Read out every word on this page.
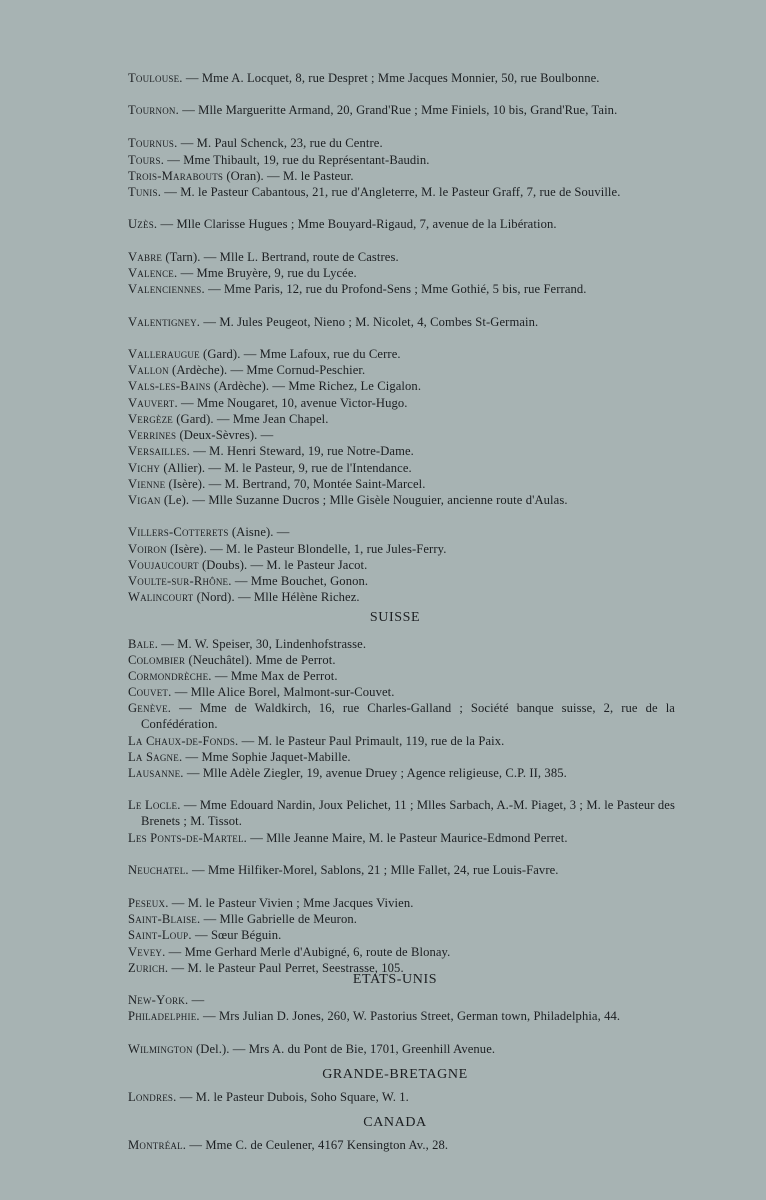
Toulouse. — Mme A. Locquet, 8, rue Despret ; Mme Jacques Monnier, 50, rue Boulbonne.
Tournon. — Mlle Margueritte Armand, 20, Grand'Rue ; Mme Finiels, 10 bis, Grand'Rue, Tain.
Tournus. — M. Paul Schenck, 23, rue du Centre.
Tours. — Mme Thibault, 19, rue du Représentant-Baudin.
Trois-Marabouts (Oran). — M. le Pasteur.
Tunis. — M. le Pasteur Cabantous, 21, rue d'Angleterre, M. le Pasteur Graff, 7, rue de Souville.
Uzès. — Mlle Clarisse Hugues ; Mme Bouyard-Rigaud, 7, avenue de la Libération.
Vabre (Tarn). — Mlle L. Bertrand, route de Castres.
Valence. — Mme Bruyère, 9, rue du Lycée.
Valenciennes. — Mme Paris, 12, rue du Profond-Sens ; Mme Gothié, 5 bis, rue Ferrand.
Valentigney. — M. Jules Peugeot, Nieno ; M. Nicolet, 4, Combes St-Germain.
Valleraugue (Gard). — Mme Lafoux, rue du Cerre.
Vallon (Ardèche). — Mme Cornud-Peschier.
Vals-les-Bains (Ardèche). — Mme Richez, Le Cigalon.
Vauvert. — Mme Nougaret, 10, avenue Victor-Hugo.
Vergèze (Gard). — Mme Jean Chapel.
Verrines (Deux-Sèvres). —
Versailles. — M. Henri Steward, 19, rue Notre-Dame.
Vichy (Allier). — M. le Pasteur, 9, rue de l'Intendance.
Vienne (Isère). — M. Bertrand, 70, Montée Saint-Marcel.
Vigan (Le). — Mlle Suzanne Ducros ; Mlle Gisèle Nouguier, ancienne route d'Aulas.
Villers-Cotterets (Aisne). —
Voiron (Isère). — M. le Pasteur Blondelle, 1, rue Jules-Ferry.
Voujaucourt (Doubs). — M. le Pasteur Jacot.
Voulte-sur-Rhône. — Mme Bouchet, Gonon.
Walincourt (Nord). — Mlle Hélène Richez.
SUISSE
Bale. — M. W. Speiser, 30, Lindenhofstrasse.
Colombier (Neuchâtel). Mme de Perrot.
Cormondrèche. — Mme Max de Perrot.
Couvet. — Mlle Alice Borel, Malmont-sur-Couvet.
Genève. — Mme de Waldkirch, 16, rue Charles-Galland ; Société banque suisse, 2, rue de la Confédération.
La Chaux-de-Fonds. — M. le Pasteur Paul Primault, 119, rue de la Paix.
La Sagne. — Mme Sophie Jaquet-Mabille.
Lausanne. — Mlle Adèle Ziegler, 19, avenue Druey ; Agence religieuse, C.P. II, 385.
Le Locle. — Mme Edouard Nardin, Joux Pelichet, 11 ; Mlles Sarbach, A.-M. Piaget, 3 ; M. le Pasteur des Brenets ; M. Tissot.
Les Ponts-de-Martel. — Mlle Jeanne Maire, M. le Pasteur Maurice-Edmond Perret.
Neuchatel. — Mme Hilfiker-Morel, Sablons, 21 ; Mlle Fallet, 24, rue Louis-Favre.
Peseux. — M. le Pasteur Vivien ; Mme Jacques Vivien.
Saint-Blaise. — Mlle Gabrielle de Meuron.
Saint-Loup. — Sœur Béguin.
Vevey. — Mme Gerhard Merle d'Aubigné, 6, route de Blonay.
Zurich. — M. le Pasteur Paul Perret, Seestrasse, 105.
ETATS-UNIS
New-York. —
Philadelphie. — Mrs Julian D. Jones, 260, W. Pastorius Street, German town, Philadelphia, 44.
Wilmington (Del.). — Mrs A. du Pont de Bie, 1701, Greenhill Avenue.
GRANDE-BRETAGNE
Londres. — M. le Pasteur Dubois, Soho Square, W. 1.
CANADA
Montréal. — Mme C. de Ceulener, 4167 Kensington Av., 28.
